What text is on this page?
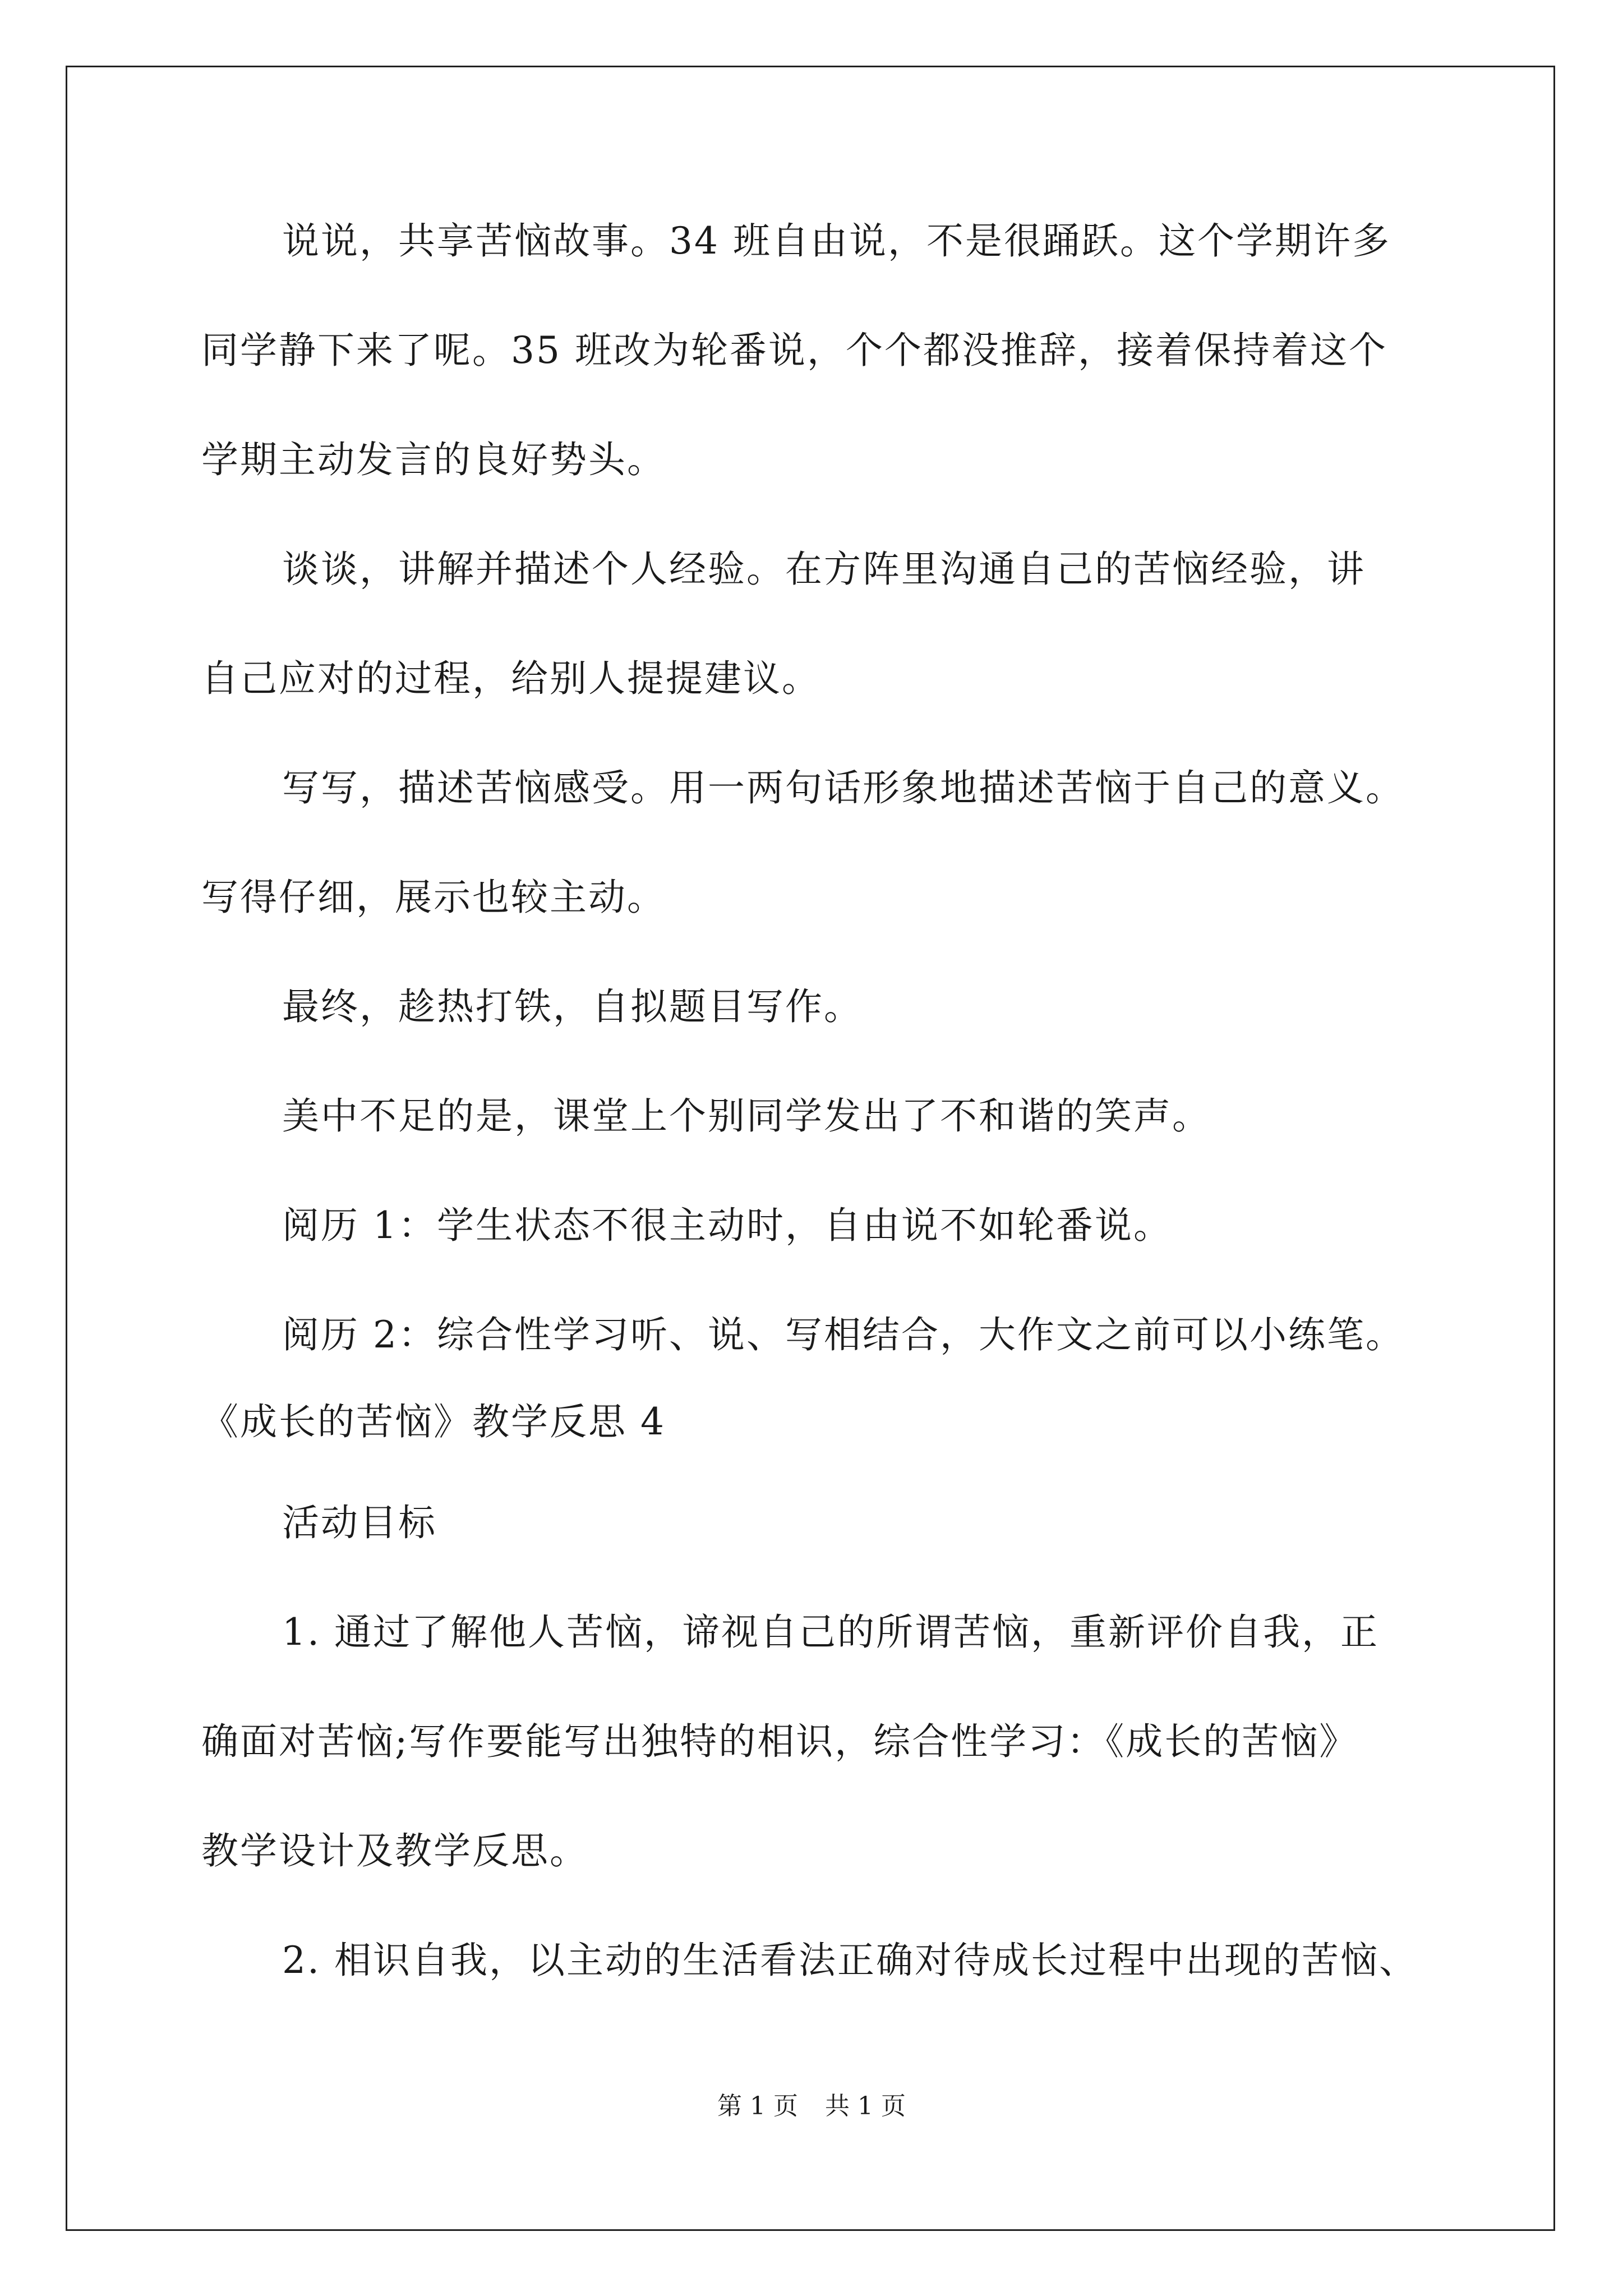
说说，共享苦恼故事。34 班自由说，不是很踊跃。这个学期许多
同学静下来了呢。35 班改为轮番说，个个都没推辞，接着保持着这个
学期主动发言的良好势头。
谈谈，讲解并描述个人经验。在方阵里沟通自己的苦恼经验，讲
自己应对的过程，给别人提提建议。
写写，描述苦恼感受。用一两句话形象地描述苦恼于自己的意义。
写得仔细，展示也较主动。
最终，趁热打铁，自拟题目写作。
美中不足的是，课堂上个别同学发出了不和谐的笑声。
阅历 1：学生状态不很主动时，自由说不如轮番说。
阅历 2：综合性学习听、说、写相结合，大作文之前可以小练笔。
《成长的苦恼》教学反思 4
活动目标
1. 通过了解他人苦恼，谛视自己的所谓苦恼，重新评价自我，正
确面对苦恼;写作要能写出独特的相识，综合性学习：《成长的苦恼》
教学设计及教学反思。
2. 相识自我，以主动的生活看法正确对待成长过程中出现的苦恼、
第 1 页 共 1 页
